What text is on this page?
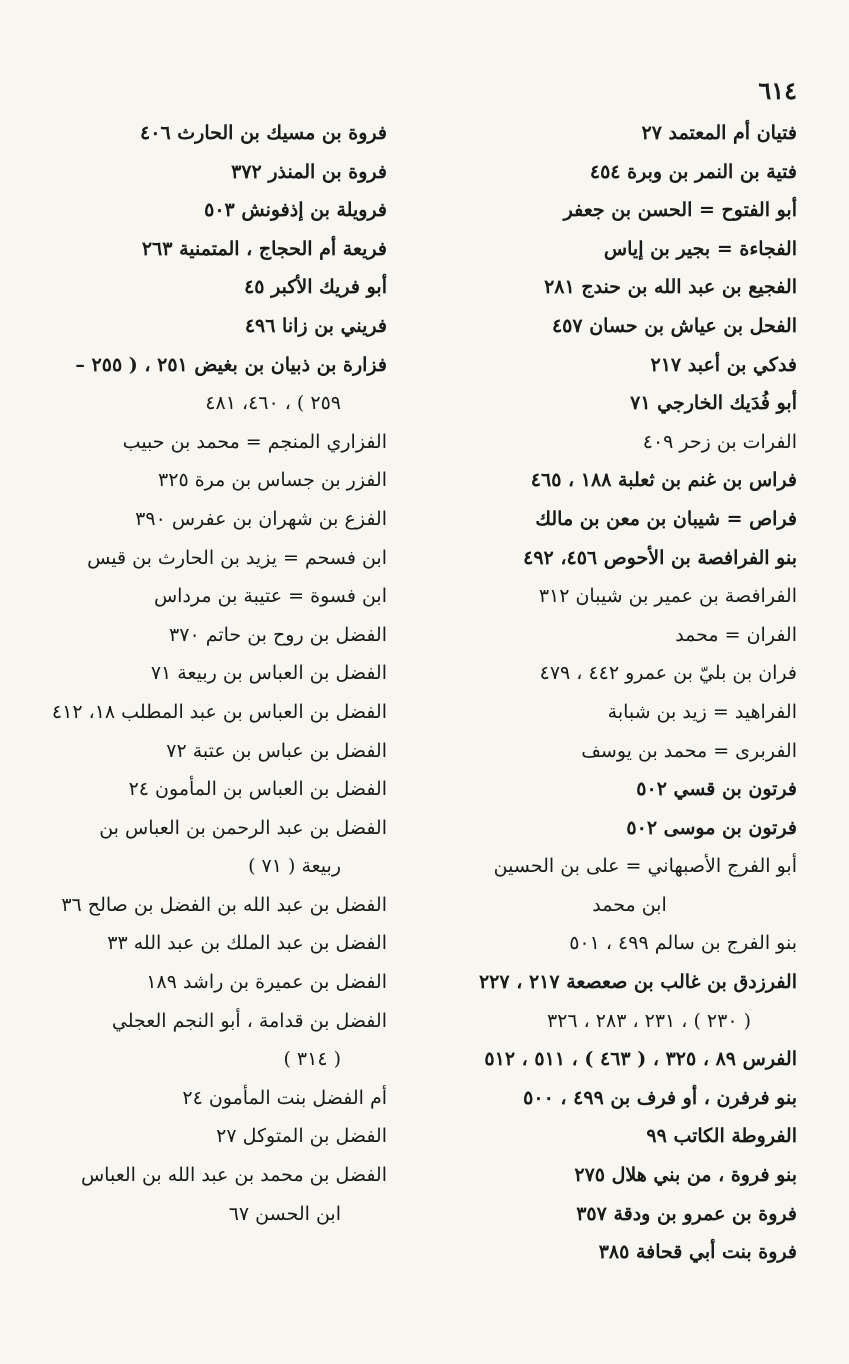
٦١٤

فتيان أم المعتمد ٢٧

فتية بن النمر بن وبرة ٤٥٤

أبو الفتوح = الحسن بن جعفر

الفجاءة = بجير بن إياس

الفجيع بن عبد الله بن حندج ٢٨١

الفحل بن عياش بن حسان ٤٥٧

فدكي بن أعبد ٢١٧

أبو فُدَيك الخارجي ٧١

الفرات بن زحر ٤٠٩

فراس بن غنم بن ثعلبة ١٨٨ ، ٤٦٥

فراص = شيبان بن معن بن مالك

بنو الفرافصة بن الأحوص ٤٥٦، ٤٩٢

الفرافصة بن عمير بن شيبان ٣١٢

الفران = محمد

فران بن بليّ بن عمرو ٤٤٢ ، ٤٧٩

الفراهيد = زيد بن شبابة

الفربرى = محمد بن يوسف

فرتون بن قسي ٥٠٢

فرتون بن موسى ٥٠٢

أبو الفرج الأصبهاني = على بن الحسين

ابن محمد

بنو الفرج بن سالم ٤٩٩ ، ٥٠١

الفرزدق بن غالب بن صعصعة ٢١٧ ، ٢٢٧

( ٢٣٠ ) ، ٢٣١ ، ٢٨٣ ، ٣٢٦

الفرس ٨٩ ، ٣٢٥ ، ( ٤٦٣ ) ، ٥١١ ، ٥١٢

بنو فرفرن ، أو فرف بن ٤٩٩ ، ٥٠٠

الفروطة الكاتب ٩٩

بنو فروة ، من بني هلال ٢٧٥

فروة بن عمرو بن ودقة ٣٥٧

فروة بنت أبي قحافة ٣٨٥

فروة بن مسيك بن الحارث ٤٠٦

فروة بن المنذر ٣٧٢

فرويلة بن إذفونش ٥٠٣

فريعة أم الحجاج ، المتمنية ٢٦٣

أبو فريك الأكبر ٤٥

فريني بن زانا ٤٩٦

فزارة بن ذبيان بن بغيض ٢٥١ ، ( ٢٥٥ –

٢٥٩ ) ، ٤٦٠، ٤٨١

الفزاري المنجم = محمد بن حبيب

الفزر بن جساس بن مرة ٣٢٥

الفزع بن شهران بن عفرس ٣٩٠

ابن فسحم = يزيد بن الحارث بن قيس

ابن فسوة = عتيبة بن مرداس

الفضل بن روح بن حاتم ٣٧٠

الفضل بن العباس بن ربيعة ٧١

الفضل بن العباس بن عبد المطلب ١٨، ٤١٢

الفضل بن عباس بن عتبة ٧٢

الفضل بن العباس بن المأمون ٢٤

الفضل بن عبد الرحمن بن العباس بن

ربيعة ( ٧١ )

الفضل بن عبد الله بن الفضل بن صالح ٣٦

الفضل بن عبد الملك بن عبد الله ٣٣

الفضل بن عميرة بن راشد ١٨٩

الفضل بن قدامة ، أبو النجم العجلي

( ٣١٤ )

أم الفضل بنت المأمون ٢٤

الفضل بن المتوكل ٢٧

الفضل بن محمد بن عبد الله بن العباس

ابن الحسن ٦٧
